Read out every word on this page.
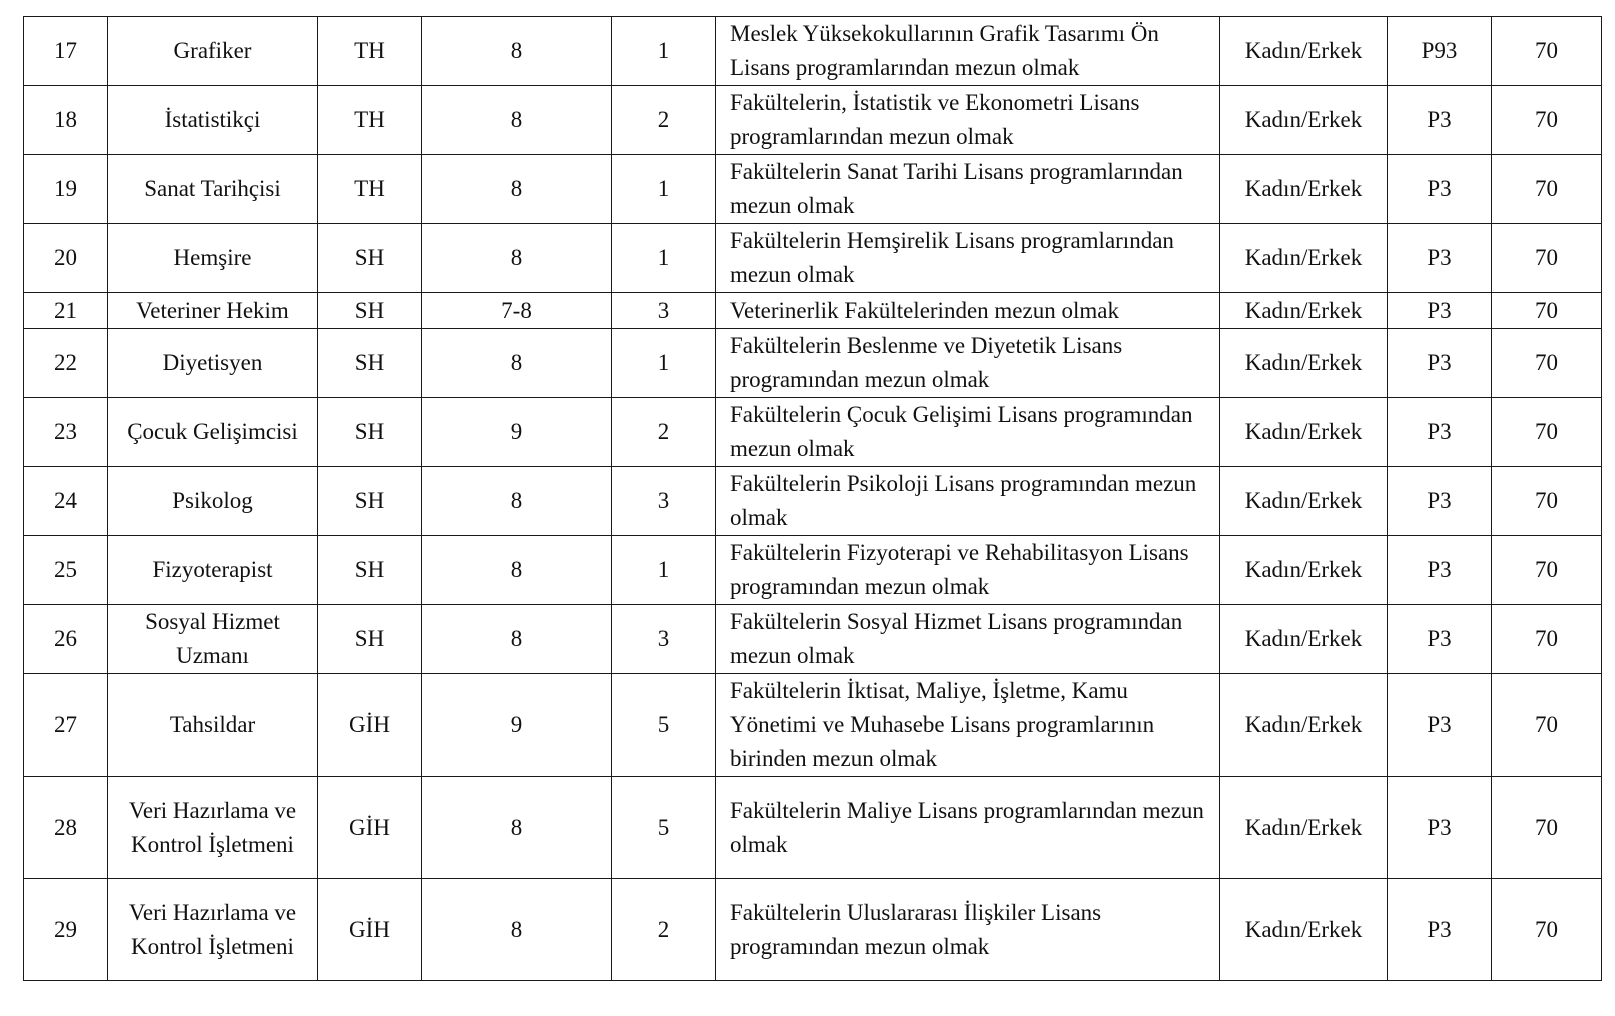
17	Grafiker	TH	8	1	Meslek Yüksekokullarının Grafik Tasarımı Ön Lisans programlarından mezun olmak	Kadın/Erkek	P93	70
18	İstatistikçi	TH	8	2	Fakültelerin, İstatistik ve Ekonometri Lisans programlarından mezun olmak	Kadın/Erkek	P3	70
19	Sanat Tarihçisi	TH	8	1	Fakültelerin Sanat Tarihi Lisans programlarından mezun olmak	Kadın/Erkek	P3	70
20	Hemşire	SH	8	1	Fakültelerin Hemşirelik Lisans programlarından mezun olmak	Kadın/Erkek	P3	70
21	Veteriner Hekim	SH	7-8	3	Veterinerlik Fakültelerinden mezun olmak	Kadın/Erkek	P3	70
22	Diyetisyen	SH	8	1	Fakültelerin Beslenme ve Diyetetik Lisans programından mezun olmak	Kadın/Erkek	P3	70
23	Çocuk Gelişimcisi	SH	9	2	Fakültelerin Çocuk Gelişimi Lisans programından mezun olmak	Kadın/Erkek	P3	70
24	Psikolog	SH	8	3	Fakültelerin Psikoloji Lisans programından mezun olmak	Kadın/Erkek	P3	70
25	Fizyoterapist	SH	8	1	Fakültelerin Fizyoterapi ve Rehabilitasyon Lisans programından mezun olmak	Kadın/Erkek	P3	70
26	Sosyal Hizmet Uzmanı	SH	8	3	Fakültelerin Sosyal Hizmet Lisans programından mezun olmak	Kadın/Erkek	P3	70
27	Tahsildar	GİH	9	5	Fakültelerin İktisat, Maliye, İşletme, Kamu Yönetimi ve Muhasebe Lisans programlarının birinden mezun olmak	Kadın/Erkek	P3	70
28	Veri Hazırlama ve Kontrol İşletmeni	GİH	8	5	Fakültelerin Maliye Lisans programlarından mezun olmak	Kadın/Erkek	P3	70
29	Veri Hazırlama ve Kontrol İşletmeni	GİH	8	2	Fakültelerin Uluslararası İlişkiler Lisans programından mezun olmak	Kadın/Erkek	P3	70
